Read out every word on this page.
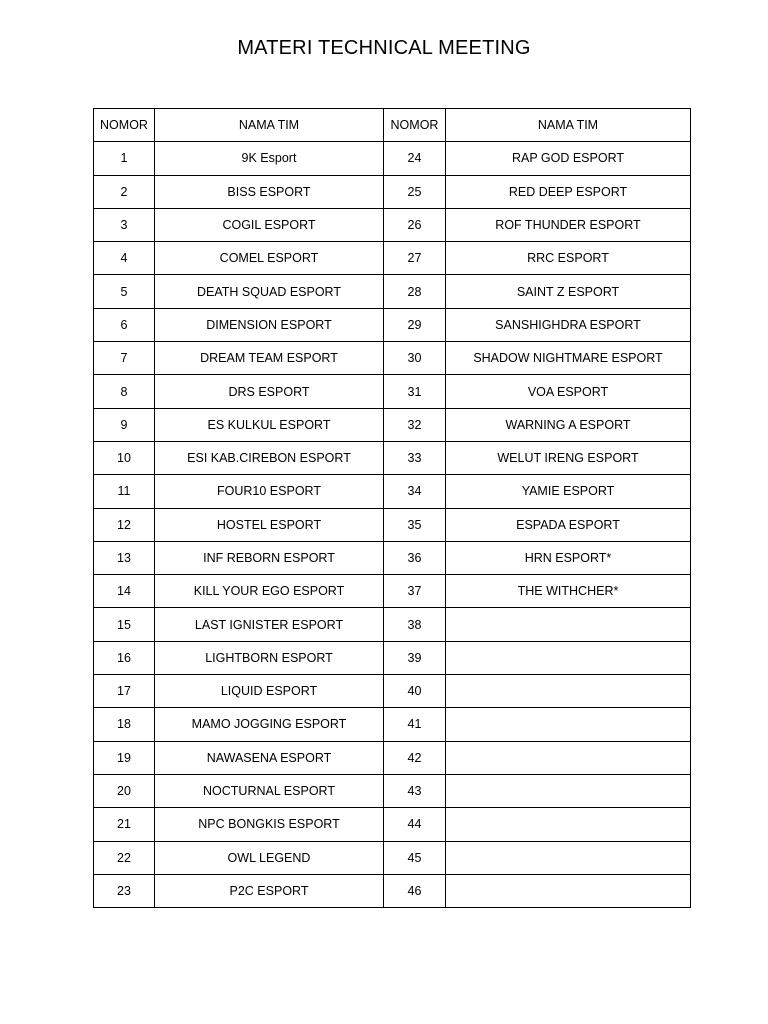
MATERI TECHNICAL MEETING
NOMOR	NAMA TIM	NOMOR	NAMA TIM
1	9K Esport	24	RAP GOD ESPORT
2	BISS ESPORT	25	RED DEEP ESPORT
3	COGIL ESPORT	26	ROF THUNDER ESPORT
4	COMEL ESPORT	27	RRC ESPORT
5	DEATH SQUAD ESPORT	28	SAINT Z ESPORT
6	DIMENSION ESPORT	29	SANSHIGHDRA ESPORT
7	DREAM TEAM ESPORT	30	SHADOW NIGHTMARE ESPORT
8	DRS ESPORT	31	VOA ESPORT
9	ES KULKUL ESPORT	32	WARNING A ESPORT
10	ESI KAB.CIREBON ESPORT	33	WELUT IRENG ESPORT
11	FOUR10 ESPORT	34	YAMIE ESPORT
12	HOSTEL ESPORT	35	ESPADA ESPORT
13	INF REBORN ESPORT	36	HRN ESPORT*
14	KILL YOUR EGO ESPORT	37	THE WITHCHER*
15	LAST IGNISTER ESPORT	38	
16	LIGHTBORN ESPORT	39	
17	LIQUID ESPORT	40	
18	MAMO JOGGING ESPORT	41	
19	NAWASENA ESPORT	42	
20	NOCTURNAL ESPORT	43	
21	NPC BONGKIS ESPORT	44	
22	OWL LEGEND	45	
23	P2C ESPORT	46	
